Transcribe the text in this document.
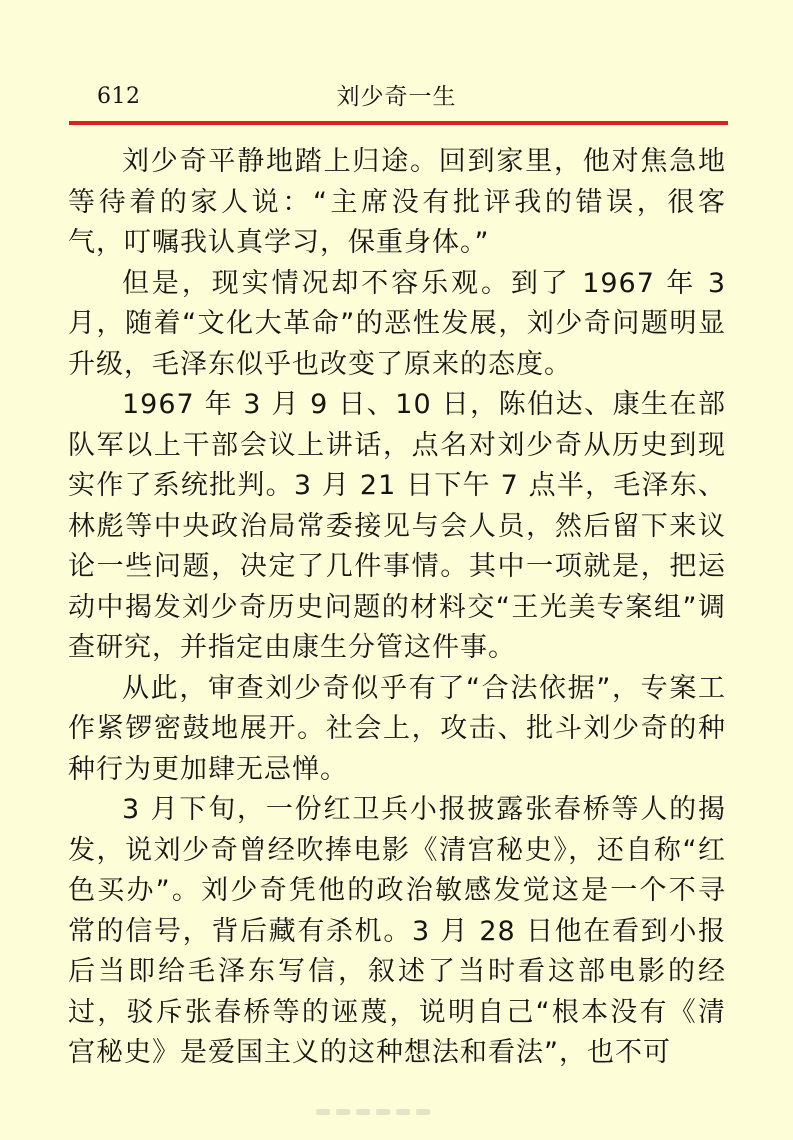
612	刘少奇一生

刘少奇平静地踏上归途。回到家里，他对焦急地等待着的家人说：“主席没有批评我的错误，很客气，叮嘱我认真学习，保重身体。”

但是，现实情况却不容乐观。到了 1967 年 3 月，随着“文化大革命”的恶性发展，刘少奇问题明显升级，毛泽东似乎也改变了原来的态度。

1967 年 3 月 9 日、10 日，陈伯达、康生在部队军以上干部会议上讲话，点名对刘少奇从历史到现实作了系统批判。3 月 21 日下午 7 点半，毛泽东、林彪等中央政治局常委接见与会人员，然后留下来议论一些问题，决定了几件事情。其中一项就是，把运动中揭发刘少奇历史问题的材料交“王光美专案组”调查研究，并指定由康生分管这件事。

从此，审查刘少奇似乎有了“合法依据”，专案工作紧锣密鼓地展开。社会上，攻击、批斗刘少奇的种种行为更加肆无忌惮。

3 月下旬，一份红卫兵小报披露张春桥等人的揭发，说刘少奇曾经吹捧电影《清宫秘史》，还自称“红色买办”。刘少奇凭他的政治敏感发觉这是一个不寻常的信号，背后藏有杀机。3 月 28 日他在看到小报后当即给毛泽东写信，叙述了当时看这部电影的经过，驳斥张春桥等的诬蔑，说明自己“根本没有《清宫秘史》是爱国主义的这种想法和看法”，也不可
